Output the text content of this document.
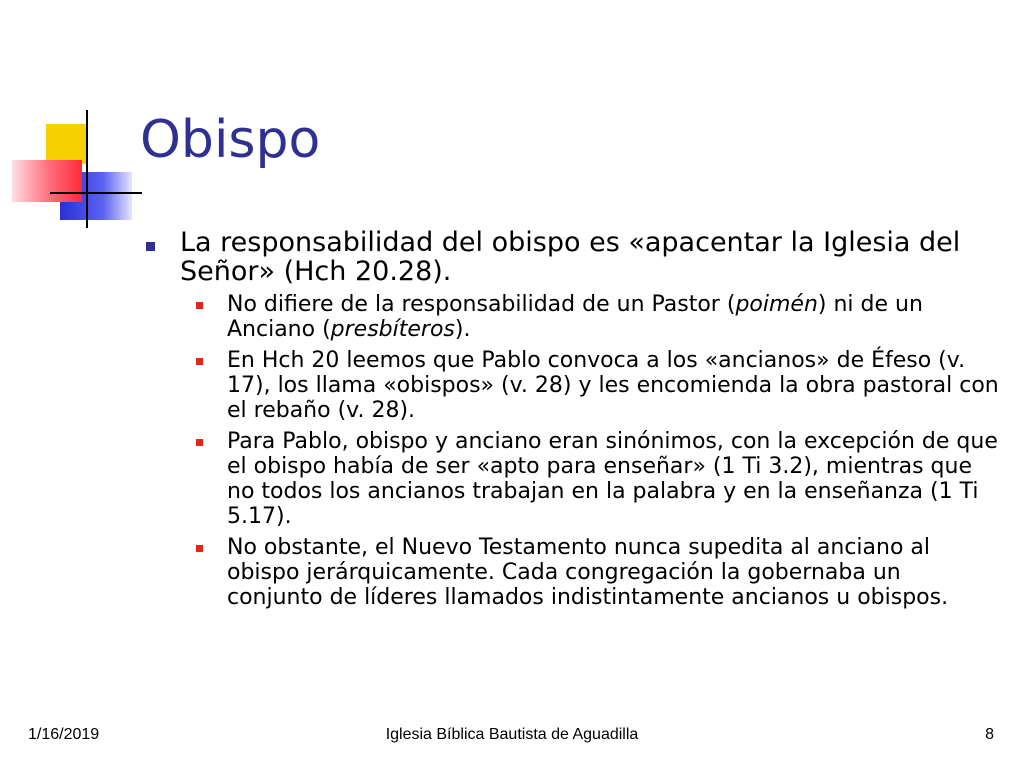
Obispo
La responsabilidad del obispo es «apacentar la Iglesia del Señor» (Hch 20.28).
No difiere de la responsabilidad de un Pastor (poimén) ni de un Anciano (presbíteros).
En Hch 20 leemos que Pablo convoca a los «ancianos» de Éfeso (v. 17), los llama «obispos» (v. 28) y les encomienda la obra pastoral con el rebaño (v. 28).
Para Pablo, obispo y anciano eran sinónimos, con la excepción de que el obispo había de ser «apto para enseñar» (1 Ti 3.2), mientras que no todos los ancianos trabajan en la palabra y en la enseñanza (1 Ti 5.17).
No obstante, el Nuevo Testamento nunca supedita al anciano al obispo jerárquicamente. Cada congregación la gobernaba un conjunto de líderes llamados indistintamente ancianos u obispos.
1/16/2019	Iglesia Bíblica Bautista de Aguadilla	8
